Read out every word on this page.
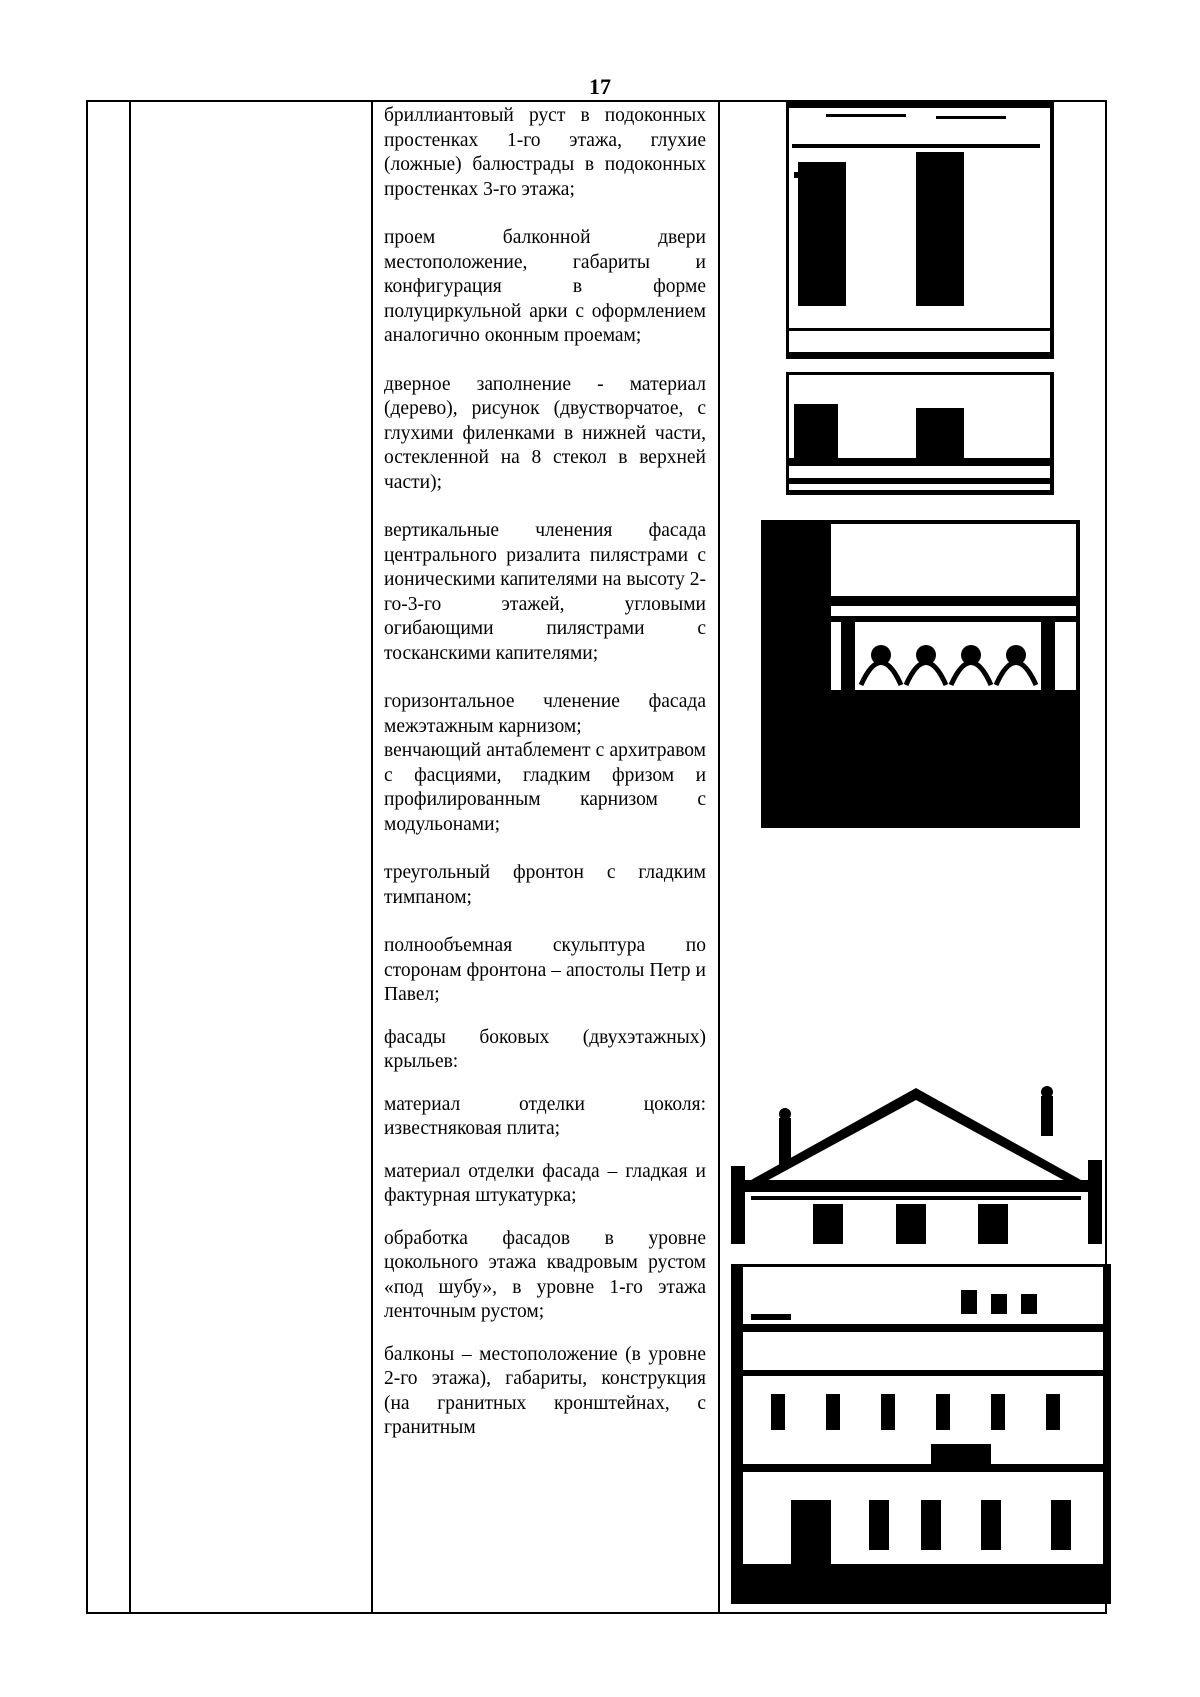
17

бриллиантовый руст в подоконных простенках 1-го этажа, глухие (ложные) балюстрады в подоконных простенках 3-го этажа;

проем балконной двери местоположение, габариты и конфигурация в форме полуциркульной арки с оформлением аналогично оконным проемам;

дверное заполнение - материал (дерево), рисунок (двустворчатое, с глухими филенками в нижней части, остекленной на 8 стекол в верхней части);

вертикальные членения фасада центрального ризалита пилястрами с ионическими капителями на высоту 2-го-3-го этажей, угловыми огибающими пилястрами с тосканскими капителями;

горизонтальное членение фасада межэтажным карнизом;

венчающий антаблемент с архитравом с фасциями, гладким фризом и профилированным карнизом с модульонами;

треугольный фронтон с гладким тимпаном;

полнообъемная скульптура по сторонам фронтона – апостолы Петр и Павел;

фасады боковых (двухэтажных) крыльев:

материал отделки цоколя: известняковая плита;

материал отделки фасада – гладкая и фактурная штукатурка;

обработка фасадов в уровне цокольного этажа квадровым рустом «под шубу», в уровне 1-го этажа ленточным рустом;

балконы – местоположение (в уровне 2-го этажа), габариты, конструкция (на гранитных кронштейнах, с гранитным
